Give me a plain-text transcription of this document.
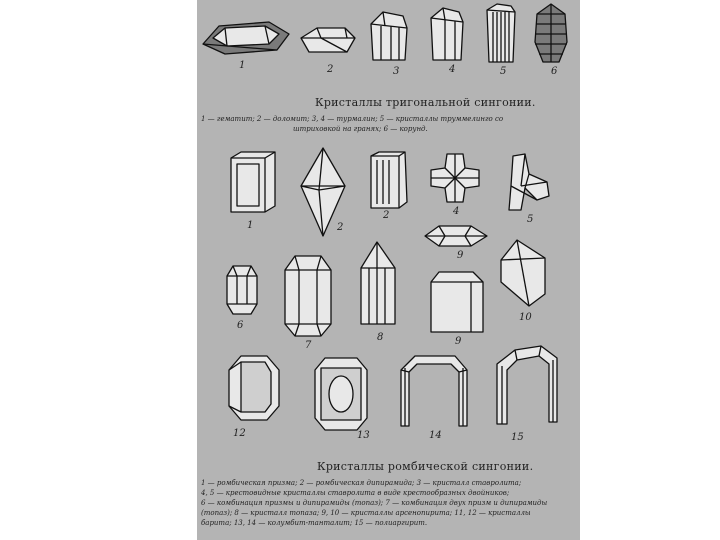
1	2	3	4	5	6
Кристаллы тригональной сингонии.
1 — гематит; 2 — доломит; 3, 4 — турмалин; 5 — кристаллы труммелинго со
штриховкой на гранях; 6 — корунд.
1	2
2	4
5
9
6
7
8	9
10
12	13	14	15
Кристаллы ромбической сингонии.
1 — ромбическая призма; 2 — ромбическая дипирамида; 3 — кристалл ставролита;
4, 5 — крестовидные кристаллы ставролита в виде крестообразных двойников;
6 — комбинация призмы и дипирамиды (топаз); 7 — комбинация двух призм и дипирамиды
(топаз); 8 — кристалл топаза; 9, 10 — кристаллы арсенопирита; 11, 12 — кристаллы
барита; 13, 14 — колумбит-танталит; 15 — полиаргирит.
